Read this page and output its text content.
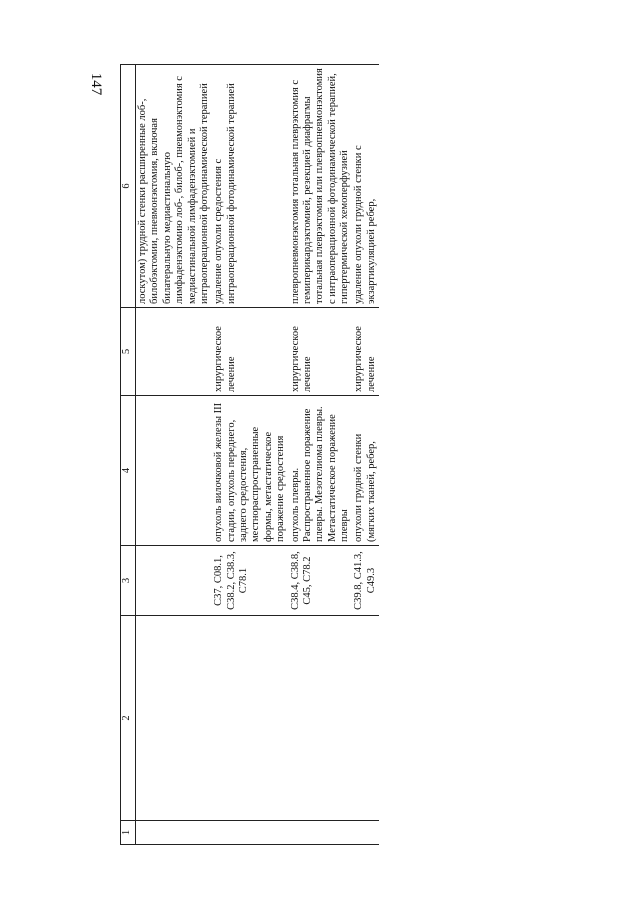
147
1	2	3	4	5	6
					лоскутом) трудной стенки расширенные лоб-, билобэктомии, пневмонэктомия, включая билатеральную медиастинальную лимфаденэктомию лоб-, билоб-, пневмонэктомия с медиастинальной лимфаденэктомией и интраоперационной фотодинамической терапией
		C37, C08.1, C38.2, C38.3, C78.1	опухоль вилочковой железы III стадии, опухоль переднего, заднего средостения, местнораспространенные формы, метастатическое поражение средостения	хирургическое лечение	удаление опухоли средостения с интраоперационной фотодинамической терапией
		C38.4, C38.8, C45, C78.2	опухоль плевры. Распространенное поражение плевры. Мезотелиома плевры. Метастатическое поражение плевры	хирургическое лечение	плевропневмонэктомия тотальная плеврэктомия с гемиперикардэктомией, резекцией диафрагмы тотальная плеврэктомия или плевропневмонэктомия с интраоперационной фотодинамической терапией, гипертермической хемоперфузией
		C39.8, C41.3, C49.3	опухоли грудной стенки (мягких тканей, ребер,	хирургическое лечение	удаление опухоли грудной стенки с экзартикуляцией ребер,
